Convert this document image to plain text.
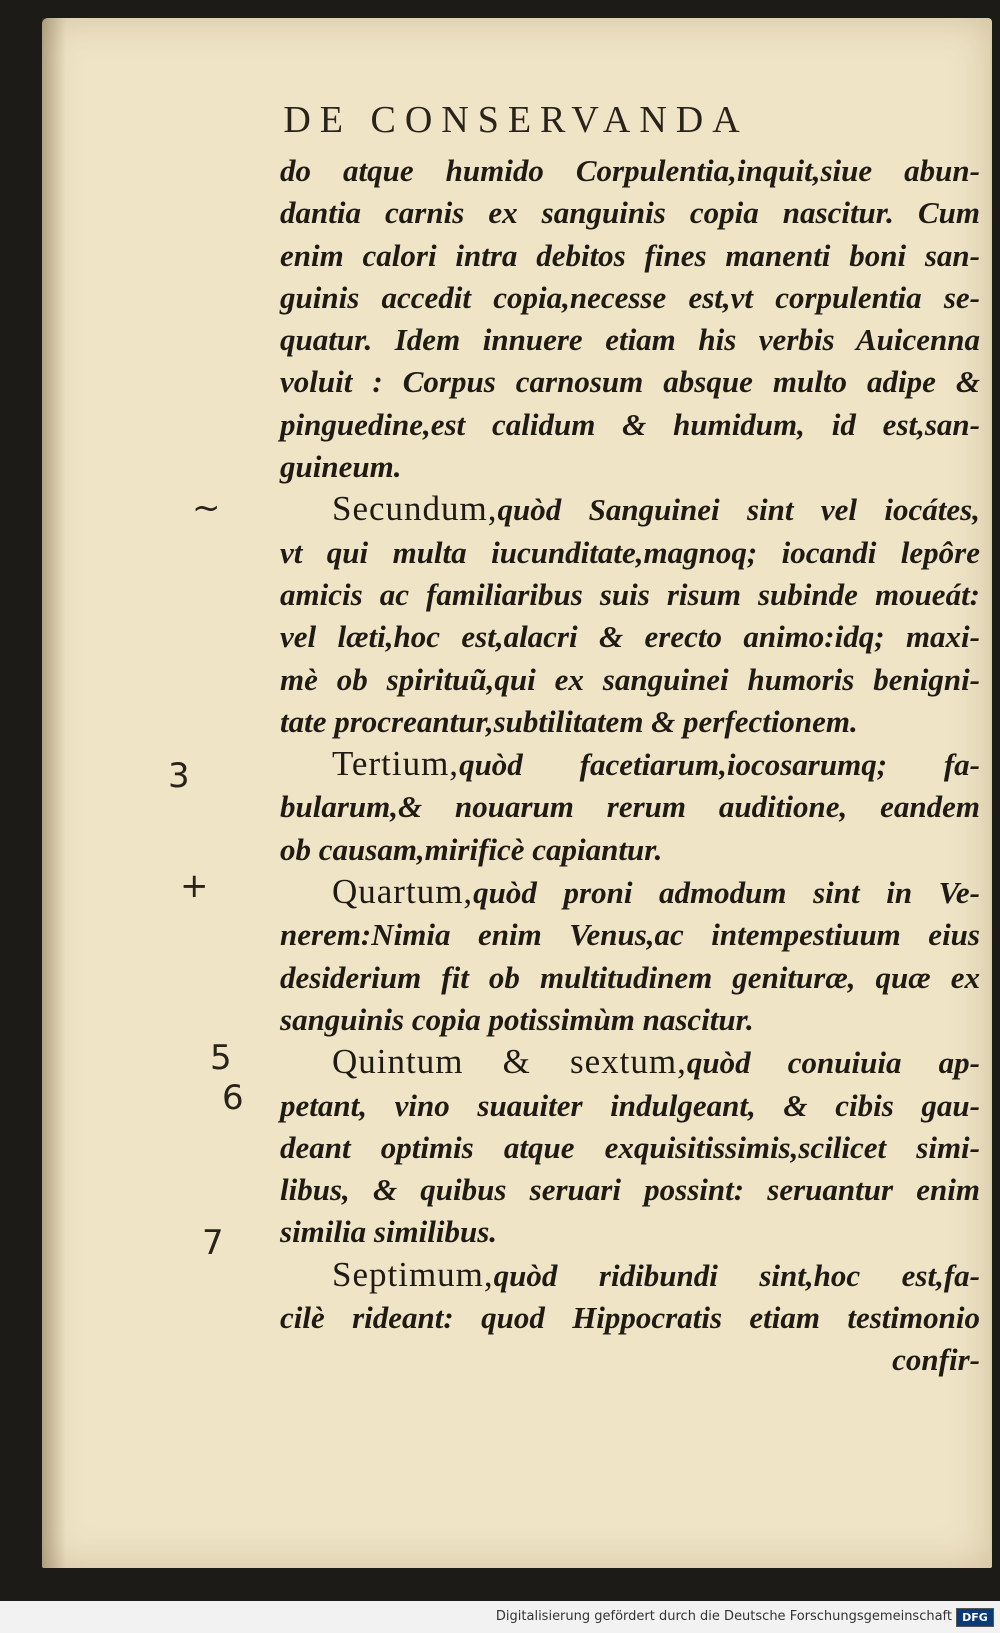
DE CONSERVANDA
do atque humido Corpulentia,inquit,siue abun-
dantia carnis ex sanguinis copia nascitur. Cum
enim calori intra debitos fines manenti boni san-
guinis accedit copia,necesse est,vt corpulentia se-
quatur. Idem innuere etiam his verbis Auicenna
voluit : Corpus carnosum absque multo adipe &
pinguedine,est calidum & humidum, id est,san-
guineum.
Secundum,quòd Sanguinei sint vel iocátes,
vt qui multa iucunditate,magnoq; iocandi lepôre
amicis ac familiaribus suis risum subinde moueát:
vel læti,hoc est,alacri & erecto animo:idq; maxi-
mè ob spirituũ,qui ex sanguinei humoris benigni-
tate procreantur,subtilitatem & perfectionem.
Tertium,quòd facetiarum,iocosarumq; fa-
bularum,& nouarum rerum auditione, eandem
ob causam,mirificè capiantur.
Quartum,quòd proni admodum sint in Ve-
nerem:Nimia enim Venus,ac intempestiuum eius
desiderium fit ob multitudinem genituræ, quæ ex
sanguinis copia potissimùm nascitur.
Quintum & sextum,quòd conuiuia ap-
petant, vino suauiter indulgeant, & cibis gau-
deant optimis atque exquisitissimis,scilicet simi-
libus, & quibus seruari possint: seruantur enim
similia similibus.
Septimum,quòd ridibundi sint,hoc est,fa-
cilè rideant: quod Hippocratis etiam testimonio
confir-
~
3
+
5
6
7
Digitalisierung gefördert durch die Deutsche Forschungsgemeinschaft DFG
